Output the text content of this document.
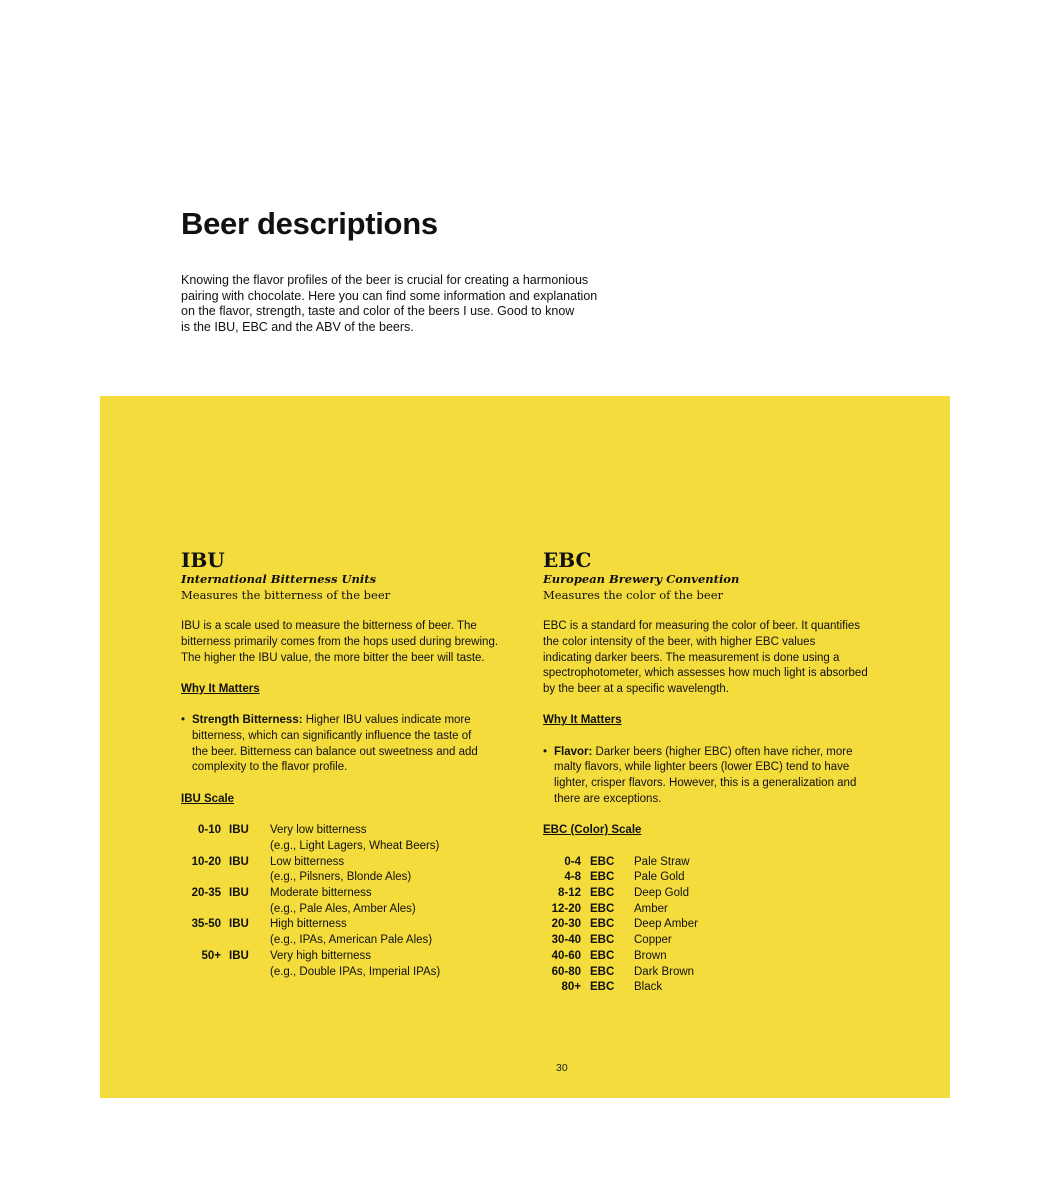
Beer descriptions

Knowing the flavor profiles of the beer is crucial for creating a harmonious
pairing with chocolate. Here you can find some information and explanation
on the flavor, strength, taste and color of the beers I use. Good to know
is the IBU, EBC and the ABV of the beers.

IBU

International Bitterness Units

Measures the bitterness of the beer

IBU is a scale used to measure the bitterness of beer. The
bitterness primarily comes from the hops used during brewing.
The higher the IBU value, the more bitter the beer will taste.

Why It Matters

• Strength Bitterness: Higher IBU values indicate more
bitterness, which can significantly influence the taste of
the beer. Bitterness can balance out sweetness and add
complexity to the flavor profile.

IBU Scale

0-10 IBU	Very low bitterness
(e.g., Light Lagers, Wheat Beers)
10-20 IBU	Low bitterness
(e.g., Pilsners, Blonde Ales)
20-35 IBU	Moderate bitterness
(e.g., Pale Ales, Amber Ales)
35-50 IBU	High bitterness
(e.g., IPAs, American Pale Ales)
50+ IBU	Very high bitterness
(e.g., Double IPAs, Imperial IPAs)
EBC

European Brewery Convention

Measures the color of the beer

EBC is a standard for measuring the color of beer. It quantifies
the color intensity of the beer, with higher EBC values
indicating darker beers. The measurement is done using a
spectrophotometer, which assesses how much light is absorbed
by the beer at a specific wavelength.

Why It Matters

• Flavor: Darker beers (higher EBC) often have richer, more
malty flavors, while lighter beers (lower EBC) tend to have
lighter, crisper flavors. However, this is a generalization and
there are exceptions.

EBC (Color) Scale

0-4 EBC	Pale Straw
4-8 EBC	Pale Gold
8-12 EBC	Deep Gold
12-20 EBC	Amber
20-30 EBC	Deep Amber
30-40 EBC	Copper
40-60 EBC	Brown
60-80 EBC	Dark Brown
80+ EBC	Black
30
